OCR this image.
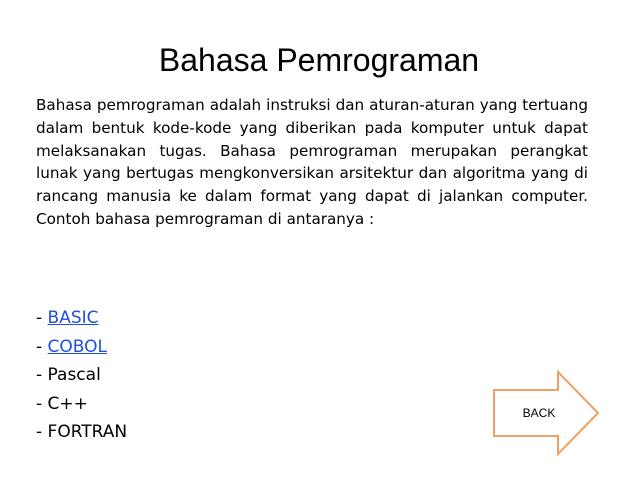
Bahasa Pemrograman

Bahasa pemrograman adalah instruksi dan aturan-aturan yang tertuang dalam bentuk kode-kode yang diberikan pada komputer untuk dapat melaksanakan tugas. Bahasa pemrograman merupakan perangkat lunak yang bertugas mengkonversikan arsitektur dan algoritma yang di rancang manusia ke dalam format yang dapat di jalankan computer. Contoh bahasa pemrograman di antaranya :

- BASIC
- COBOL
- Pascal
- C++
- FORTRAN
BACK
